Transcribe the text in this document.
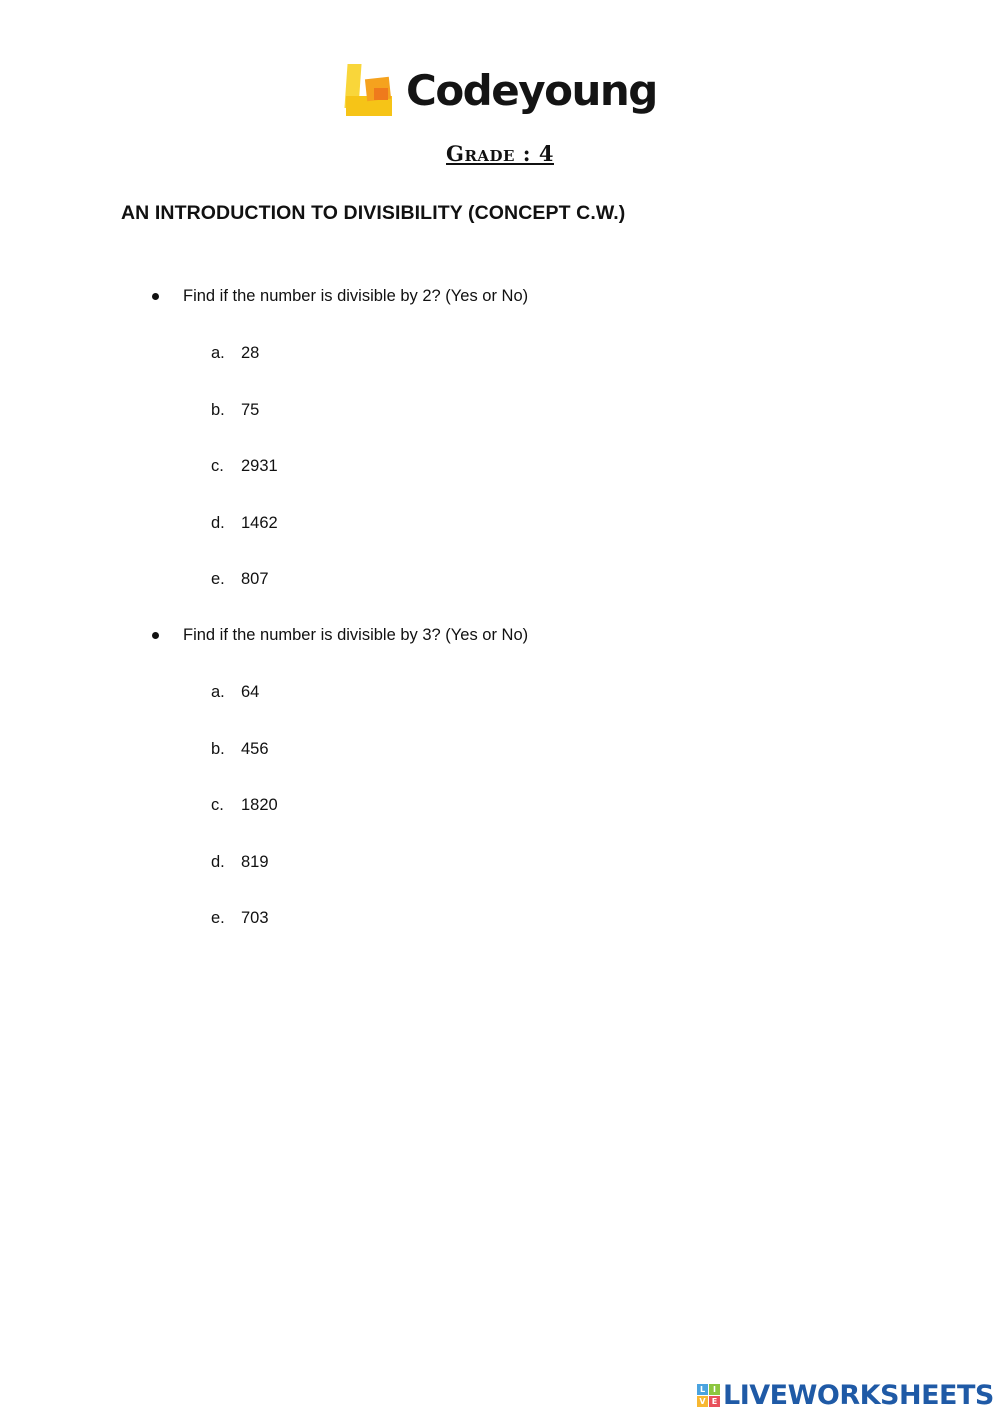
Codeyoung
Grade : 4
AN INTRODUCTION TO DIVISIBILITY (CONCEPT C.W.)
Find if the number is divisible by 2? (Yes or No)
a. 28
b. 75
c.	2931
d. 1462
e. 807
Find if the number is divisible by 3? (Yes or No)
a. 64
b. 456
c.	1820
d. 819
e. 703
L I
V E LIVEWORKSHEETS
